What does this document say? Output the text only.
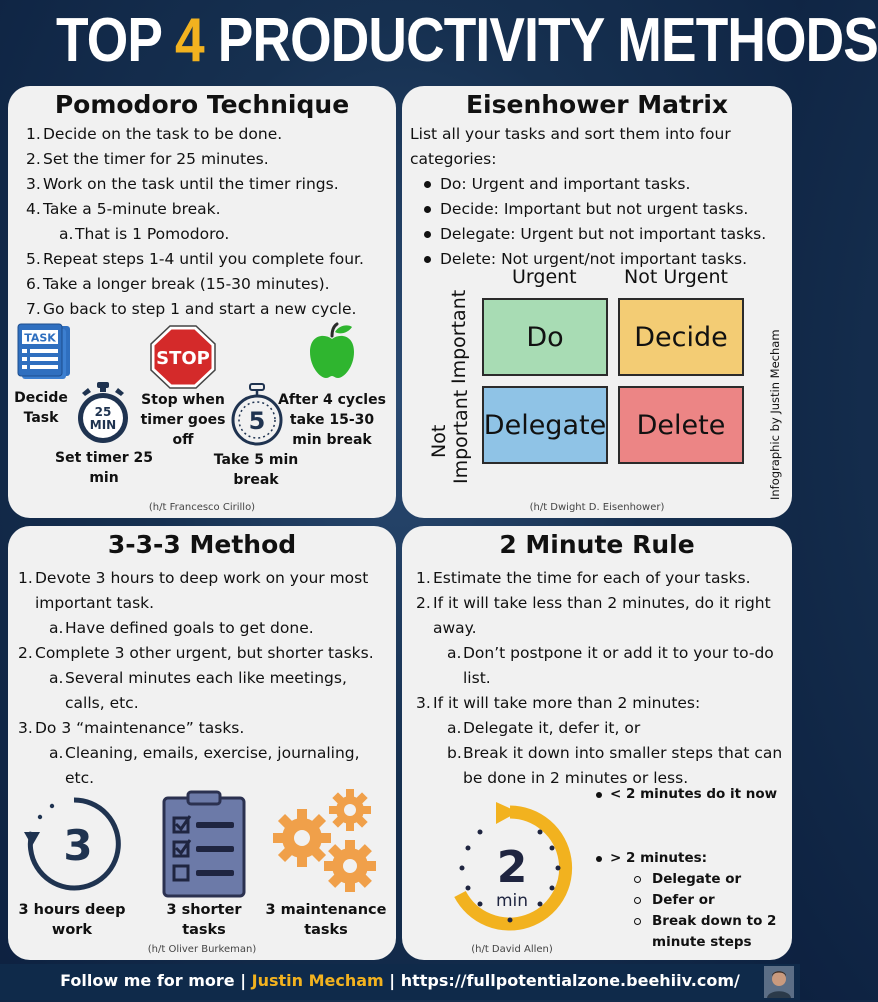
TOP 4 PRODUCTIVITY METHODS
Pomodoro Technique
1. Decide on the task to be done.
2. Set the timer for 25 minutes.
3. Work on the task until the timer rings.
4. Take a 5-minute break.
a. That is 1 Pomodoro.
5. Repeat steps 1-4 until you complete four.
6. Take a longer break (15-30 minutes).
7. Go back to step 1 and start a new cycle.
TASK
Decide Task	25
MIN
Set timer 25 min
STOP
Stop when timer goes off
5
Take 5 min break
After 4 cycles take 15-30 min break
(h/t Francesco Cirillo)
Eisenhower Matrix
List all your tasks and sort them into four categories:
Do: Urgent and important tasks.
Decide: Important but not urgent tasks.
Delegate: Urgent but not important tasks.
Delete: Not urgent/not important tasks.
Urgent Not Urgent
Important
Not Important
Do	Decide
Delegate	Delete	Infographic by Justin Mecham
(h/t Dwight D. Eisenhower)
3-3-3 Method
1. Devote 3 hours to deep work on your most important task.
a. Have defined goals to get done.
2. Complete 3 other urgent, but shorter tasks.
a. Several minutes each like meetings, calls, etc.
3. Do 3 “maintenance” tasks.
a. Cleaning, emails, exercise, journaling, etc.
3
3 hours deep work
3 shorter tasks
3 maintenance tasks
(h/t Oliver Burkeman)
2 Minute Rule
1. Estimate the time for each of your tasks.
2. If it will take less than 2 minutes, do it right away.
a. Don’t postpone it or add it to your to-do list.
3. If it will take more than 2 minutes:
a. Delegate it, defer it, or
b. Break it down into smaller steps that can be done in 2 minutes or less.
2
min
< 2 minutes do it now
> 2 minutes:
Delegate or
Defer or
Break down to 2 minute steps
(h/t David Allen)
Follow me for more | Justin Mecham | https://fullpotentialzone.beehiiv.com/
